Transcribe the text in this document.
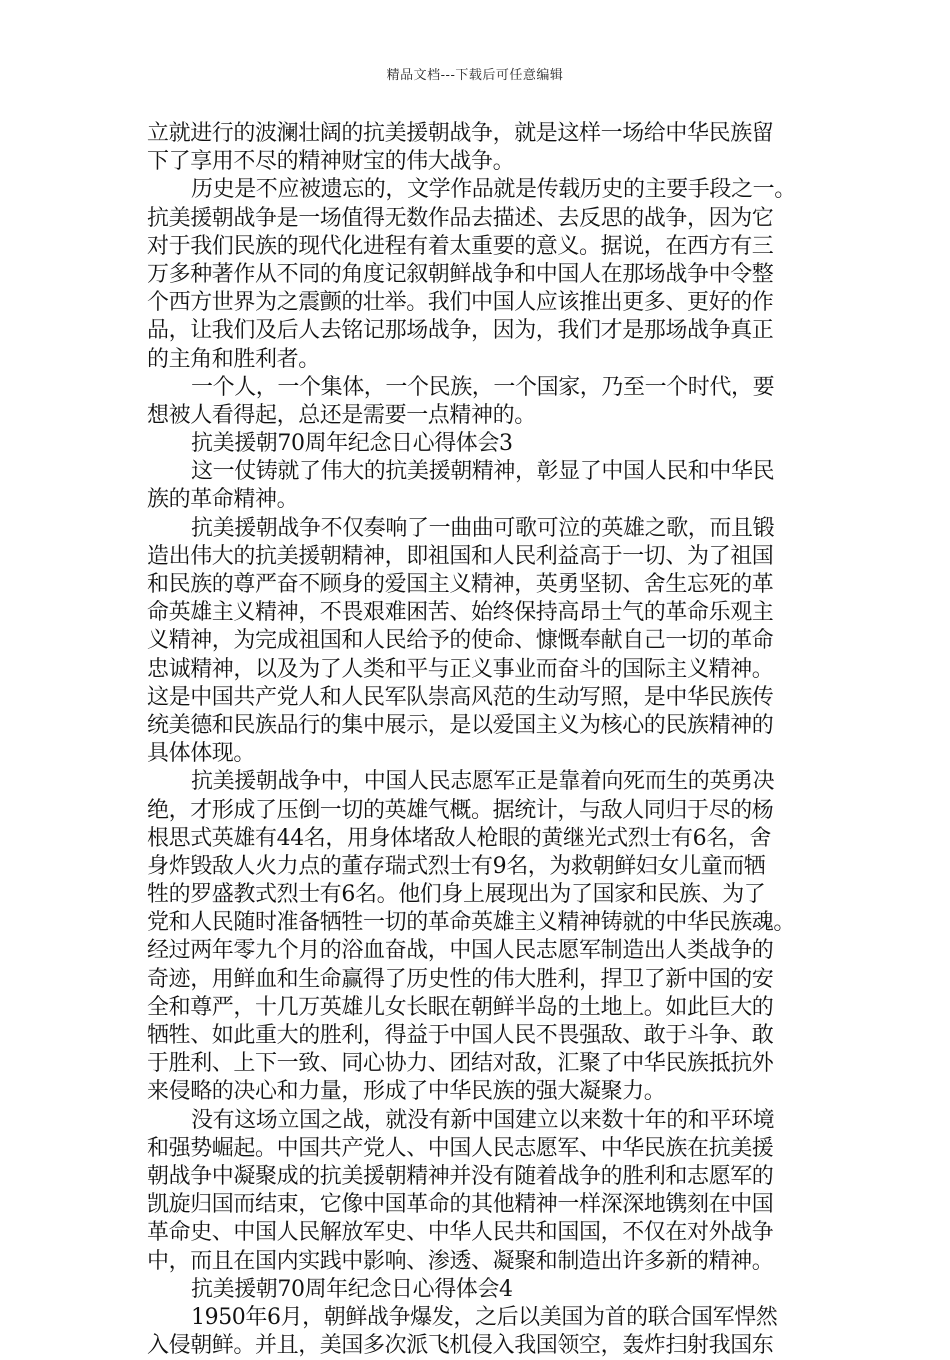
精品文档---下载后可任意编辑
立就进行的波澜壮阔的抗美援朝战争，就是这样一场给中华民族留
下了享用不尽的精神财宝的伟大战争。
历史是不应被遗忘的，文学作品就是传载历史的主要手段之一。
抗美援朝战争是一场值得无数作品去描述、去反思的战争，因为它
对于我们民族的现代化进程有着太重要的意义。据说，在西方有三
万多种著作从不同的角度记叙朝鲜战争和中国人在那场战争中令整
个西方世界为之震颤的壮举。我们中国人应该推出更多、更好的作
品，让我们及后人去铭记那场战争，因为，我们才是那场战争真正
的主角和胜利者。
一个人，一个集体，一个民族，一个国家，乃至一个时代，要
想被人看得起，总还是需要一点精神的。
抗美援朝70周年纪念日心得体会3
这一仗铸就了伟大的抗美援朝精神，彰显了中国人民和中华民
族的革命精神。
抗美援朝战争不仅奏响了一曲曲可歌可泣的英雄之歌，而且锻
造出伟大的抗美援朝精神，即祖国和人民利益高于一切、为了祖国
和民族的尊严奋不顾身的爱国主义精神，英勇坚韧、舍生忘死的革
命英雄主义精神，不畏艰难困苦、始终保持高昂士气的革命乐观主
义精神，为完成祖国和人民给予的使命、慷慨奉献自己一切的革命
忠诚精神，以及为了人类和平与正义事业而奋斗的国际主义精神。
这是中国共产党人和人民军队崇高风范的生动写照，是中华民族传
统美德和民族品行的集中展示，是以爱国主义为核心的民族精神的
具体体现。
抗美援朝战争中，中国人民志愿军正是靠着向死而生的英勇决
绝，才形成了压倒一切的英雄气概。据统计，与敌人同归于尽的杨
根思式英雄有44名，用身体堵敌人枪眼的黄继光式烈士有6名，舍
身炸毁敌人火力点的董存瑞式烈士有9名，为救朝鲜妇女儿童而牺
牲的罗盛教式烈士有6名。他们身上展现出为了国家和民族、为了
党和人民随时准备牺牲一切的革命英雄主义精神铸就的中华民族魂。
经过两年零九个月的浴血奋战，中国人民志愿军制造出人类战争的
奇迹，用鲜血和生命赢得了历史性的伟大胜利，捍卫了新中国的安
全和尊严，十几万英雄儿女长眠在朝鲜半岛的土地上。如此巨大的
牺牲、如此重大的胜利，得益于中国人民不畏强敌、敢于斗争、敢
于胜利、上下一致、同心协力、团结对敌，汇聚了中华民族抵抗外
来侵略的决心和力量，形成了中华民族的强大凝聚力。
没有这场立国之战，就没有新中国建立以来数十年的和平环境
和强势崛起。中国共产党人、中国人民志愿军、中华民族在抗美援
朝战争中凝聚成的抗美援朝精神并没有随着战争的胜利和志愿军的
凯旋归国而结束，它像中国革命的其他精神一样深深地镌刻在中国
革命史、中国人民解放军史、中华人民共和国国，不仅在对外战争
中，而且在国内实践中影响、渗透、凝聚和制造出许多新的精神。
抗美援朝70周年纪念日心得体会4
1950年6月，朝鲜战争爆发，之后以美国为首的联合国军悍然
入侵朝鲜。并且，美国多次派飞机侵入我国领空，轰炸扫射我国东
